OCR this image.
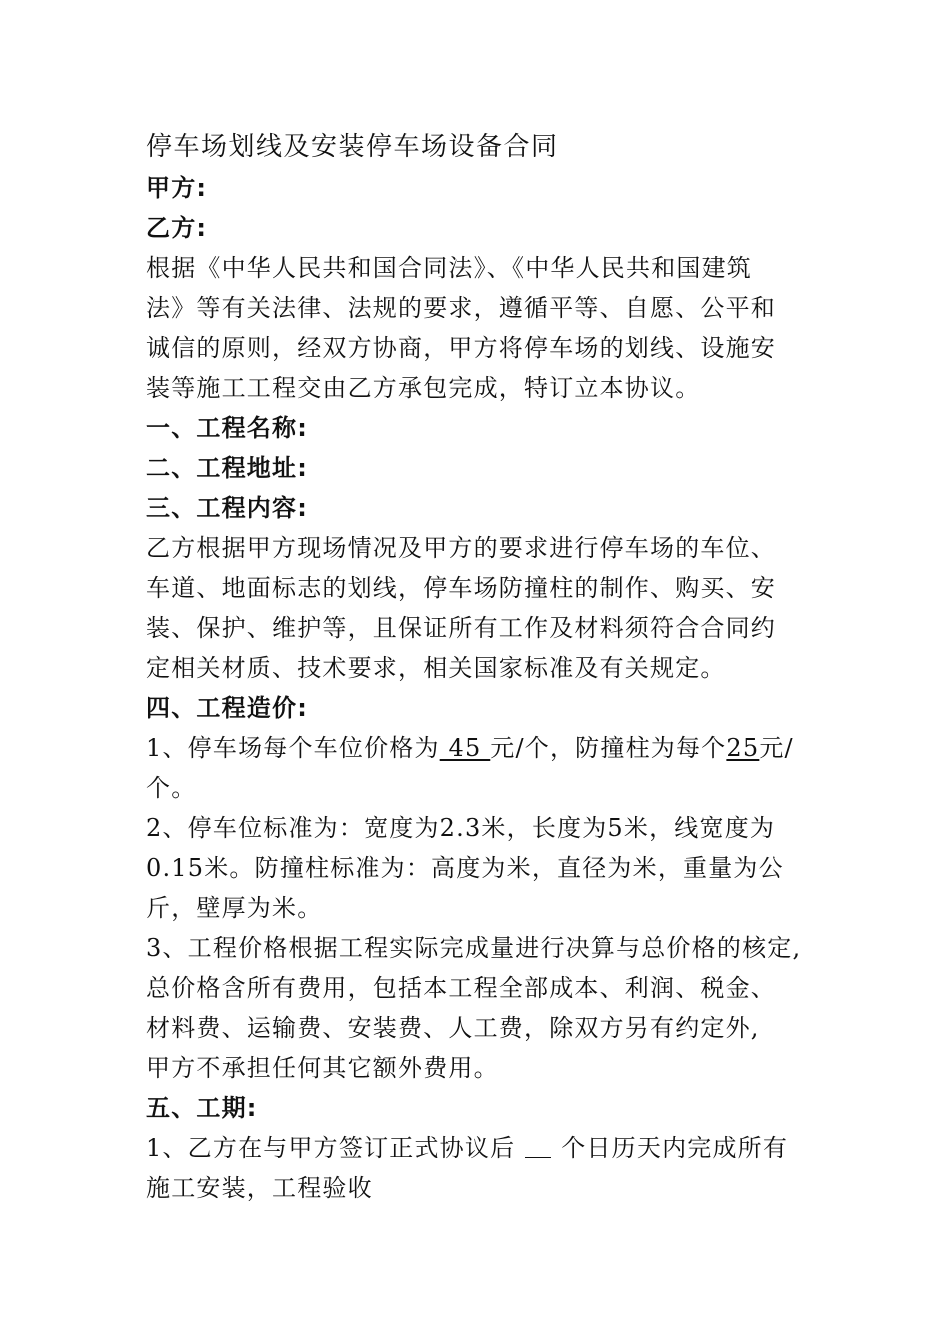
停车场划线及安装停车场设备合同
甲方:
乙方:
根据《中华人民共和国合同法》、《中华人民共和国建筑
法》等有关法律、法规的要求，遵循平等、自愿、公平和
诚信的原则，经双方协商，甲方将停车场的划线、设施安
装等施工工程交由乙方承包完成，特订立本协议。
一、工程名称:
二、工程地址:
三、工程内容:
乙方根据甲方现场情况及甲方的要求进行停车场的车位、
车道、地面标志的划线，停车场防撞柱的制作、购买、安
装、保护、维护等，且保证所有工作及材料须符合合同约
定相关材质、技术要求，相关国家标准及有关规定。
四、工程造价:
1、停车场每个车位价格为 45 元/个，防撞柱为每个25元/
个。
2、停车位标准为：宽度为2.3米，长度为5米，线宽度为
0.15米。防撞柱标准为：高度为米，直径为米，重量为公
斤，壁厚为米。
3、工程价格根据工程实际完成量进行决算与总价格的核定,
总价格含所有费用，包括本工程全部成本、利润、税金、
材料费、运输费、安装费、人工费，除双方另有约定外,
甲方不承担任何其它额外费用。
五、工期:
1、乙方在与甲方签订正式协议后 个日历天内完成所有
施工安装，工程验收
